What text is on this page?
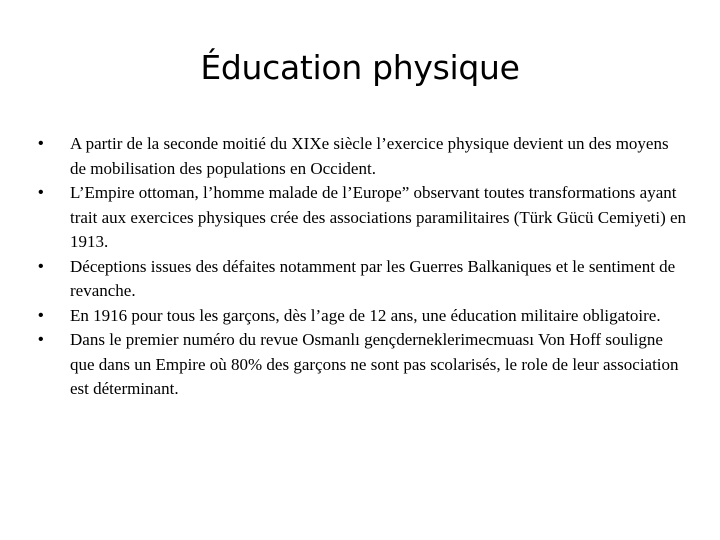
Éducation physique
•	A partir de la seconde moitié du XIXe siècle l’exercice physique devient un des moyens de mobilisation des populations en Occident.
•	L’Empire ottoman, l’homme malade de l’Europe” observant toutes transformations ayant trait aux exercices physiques crée des associations paramilitaires (Türk Gücü Cemiyeti) en 1913.
•	Déceptions issues des défaites notamment par les Guerres Balkaniques et le sentiment de revanche.
•	En 1916 pour tous les garçons, dès l’age de 12 ans, une éducation militaire obligatoire.
•	Dans le premier numéro du revue Osmanlı gençderneklerimecmuası Von Hoff souligne que dans un Empire où 80% des garçons ne sont pas scolarisés, le role de leur association est déterminant.
